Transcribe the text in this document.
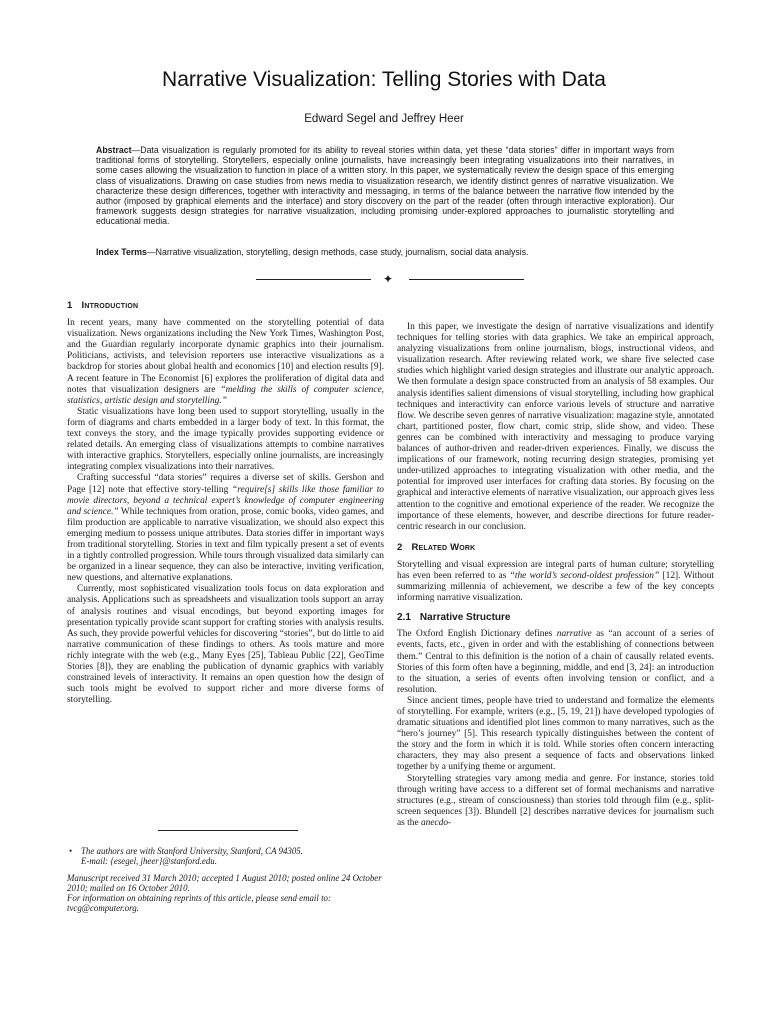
Narrative Visualization: Telling Stories with Data
Edward Segel and Jeffrey Heer

Abstract—Data visualization is regularly promoted for its ability to reveal stories within data, yet these “data stories” differ in important ways from traditional forms of storytelling. Storytellers, especially online journalists, have increasingly been integrating visualizations into their narratives, in some cases allowing the visualization to function in place of a written story. In this paper, we systematically review the design space of this emerging class of visualizations. Drawing on case studies from news media to visualization research, we identify distinct genres of narrative visualization. We characterize these design differences, together with interactivity and messaging, in terms of the balance between the narrative flow intended by the author (imposed by graphical elements and the interface) and story discovery on the part of the reader (often through interactive exploration). Our framework suggests design strategies for narrative visualization, including promising under-explored approaches to journalistic storytelling and educational media.

Index Terms—Narrative visualization, storytelling, design methods, case study, journalism, social data analysis.

✦
1 Introduction

In recent years, many have commented on the storytelling potential of data visualization. News organizations including the New York Times, Washington Post, and the Guardian regularly incorporate dynamic graphics into their journalism. Politicians, activists, and television reporters use interactive visualizations as a backdrop for stories about global health and economics [10] and election results [9]. A recent feature in The Economist [6] explores the proliferation of digital data and notes that visualization designers are “melding the skills of computer science, statistics, artistic design and storytelling.”

Static visualizations have long been used to support storytelling, usually in the form of diagrams and charts embedded in a larger body of text. In this format, the text conveys the story, and the image typically provides supporting evidence or related details. An emerging class of visualizations attempts to combine narratives with interactive graphics. Storytellers, especially online journalists, are increasingly integrating complex visualizations into their narratives.

Crafting successful “data stories” requires a diverse set of skills. Gershon and Page [12] note that effective story-telling “require[s] skills like those familiar to movie directors, beyond a technical expert’s knowledge of computer engineering and science.” While techniques from oration, prose, comic books, video games, and film production are applicable to narrative visualization, we should also expect this emerging medium to possess unique attributes. Data stories differ in important ways from traditional storytelling. Stories in text and film typically present a set of events in a tightly controlled progression. While tours through visualized data similarly can be organized in a linear sequence, they can also be interactive, inviting verification, new questions, and alternative explanations.

Currently, most sophisticated visualization tools focus on data exploration and analysis. Applications such as spreadsheets and visualization tools support an array of analysis routines and visual encodings, but beyond exporting images for presentation typically provide scant support for crafting stories with analysis results. As such, they provide powerful vehicles for discovering “stories”, but do little to aid narrative communication of these findings to others. As tools mature and more richly integrate with the web (e.g., Many Eyes [25], Tableau Public [22], GeoTime Stories [8]), they are enabling the publication of dynamic graphics with variably constrained levels of interactivity. It remains an open question how the design of such tools might be evolved to support richer and more diverse forms of storytelling.

• The authors are with Stanford University, Stanford, CA 94305.
E-mail: {esegel, jheer}@stanford.edu.
Manuscript received 31 March 2010; accepted 1 August 2010; posted online 24 October 2010; mailed on 16 October 2010.
For information on obtaining reprints of this article, please send email to: tvcg@computer.org.

In this paper, we investigate the design of narrative visualizations and identify techniques for telling stories with data graphics. We take an empirical approach, analyzing visualizations from online journalism, blogs, instructional videos, and visualization research. After reviewing related work, we share five selected case studies which highlight varied design strategies and illustrate our analytic approach. We then formulate a design space constructed from an analysis of 58 examples. Our analysis identifies salient dimensions of visual storytelling, including how graphical techniques and interactivity can enforce various levels of structure and narrative flow. We describe seven genres of narrative visualization: magazine style, annotated chart, partitioned poster, flow chart, comic strip, slide show, and video. These genres can be combined with interactivity and messaging to produce varying balances of author-driven and reader-driven experiences. Finally, we discuss the implications of our framework, noting recurring design strategies, promising yet under-utilized approaches to integrating visualization with other media, and the potential for improved user interfaces for crafting data stories. By focusing on the graphical and interactive elements of narrative visualization, our approach gives less attention to the cognitive and emotional experience of the reader. We recognize the importance of these elements, however, and describe directions for future reader-centric research in our conclusion.

2 Related Work

Storytelling and visual expression are integral parts of human culture; storytelling has even been referred to as “the world’s second-oldest profession” [12]. Without summarizing millennia of achievement, we describe a few of the key concepts informing narrative visualization.

2.1 Narrative Structure

The Oxford English Dictionary defines narrative as “an account of a series of events, facts, etc., given in order and with the establishing of connections between them.” Central to this definition is the notion of a chain of causally related events. Stories of this form often have a beginning, middle, and end [3, 24]: an introduction to the situation, a series of events often involving tension or conflict, and a resolution.

Since ancient times, people have tried to understand and formalize the elements of storytelling. For example, writers (e.g., [5, 19, 21]) have developed typologies of dramatic situations and identified plot lines common to many narratives, such as the “hero’s journey” [5]. This research typically distinguishes between the content of the story and the form in which it is told. While stories often concern interacting characters, they may also present a sequence of facts and observations linked together by a unifying theme or argument.

Storytelling strategies vary among media and genre. For instance, stories told through writing have access to a different set of formal mechanisms and narrative structures (e.g., stream of consciousness) than stories told through film (e.g., split-screen sequences [3]). Blundell [2] describes narrative devices for journalism such as the anecdo-
